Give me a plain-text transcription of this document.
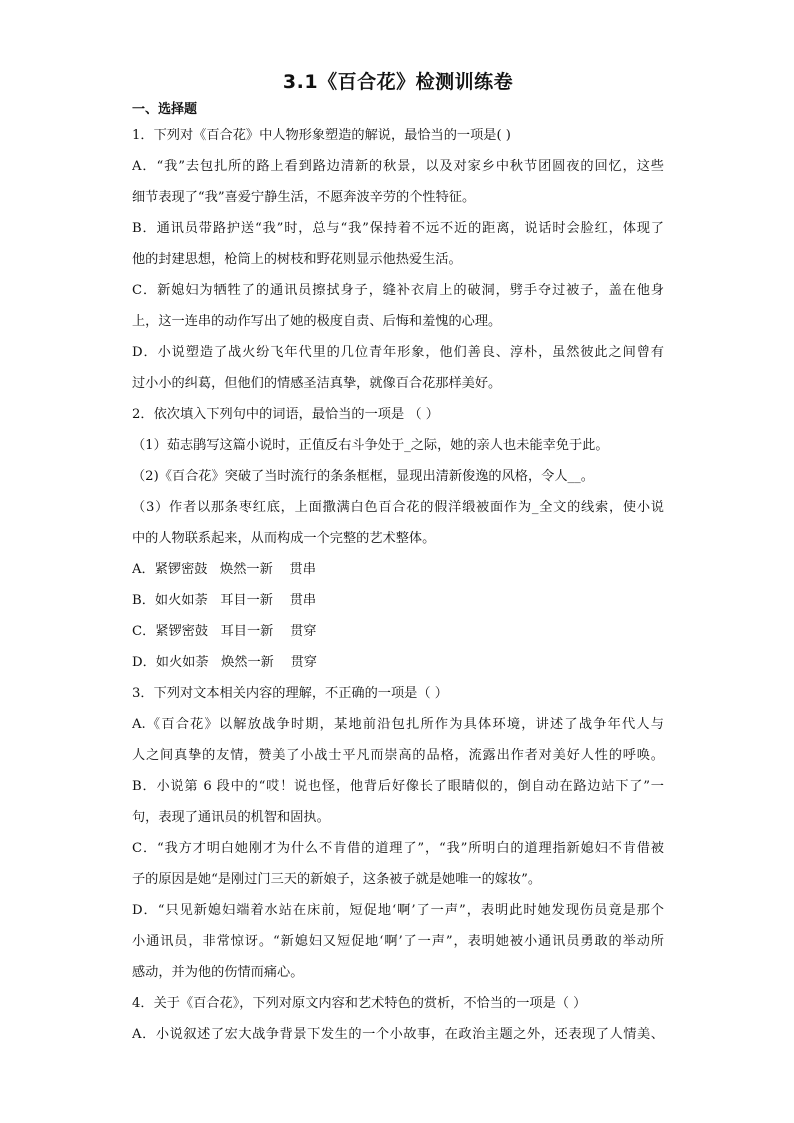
3.1《百合花》检测训练卷
一、选择题
1．下列对《百合花》中人物形象塑造的解说，最恰当的一项是( )
A．“我”去包扎所的路上看到路边清新的秋景，以及对家乡中秋节团圆夜的回忆，这些
细节表现了“我”喜爱宁静生活，不愿奔波辛劳的个性特征。
B．通讯员带路护送“我”时，总与“我”保持着不远不近的距离，说话时会脸红，体现了
他的封建思想，枪筒上的树枝和野花则显示他热爱生活。
C．新媳妇为牺牲了的通讯员擦拭身子，缝补衣肩上的破洞，劈手夺过被子，盖在他身
上，这一连串的动作写出了她的极度自责、后悔和羞愧的心理。
D．小说塑造了战火纷飞年代里的几位青年形象，他们善良、淳朴，虽然彼此之间曾有
过小小的纠葛，但他们的情感圣洁真挚，就像百合花那样美好。
2．依次填入下列句中的词语，最恰当的一项是 （ ）
（1）茹志鹃写这篇小说时，正值反右斗争处于_之际，她的亲人也未能幸免于此。
（2)《百合花》突破了当时流行的条条框框，显现出清新俊逸的风格，令人__。
（3）作者以那条枣红底，上面撒满白色百合花的假洋缎被面作为_全文的线索，使小说
中的人物联系起来，从而构成一个完整的艺术整体。
A．紧锣密鼓   焕然一新    贯串
B．如火如荼   耳目一新    贯串
C．紧锣密鼓   耳目一新    贯穿
D．如火如荼   焕然一新    贯穿
3．下列对文本相关内容的理解，不正确的一项是（ ）
A.《百合花》以解放战争时期，某地前沿包扎所作为具体环境，讲述了战争年代人与
人之间真挚的友情，赞美了小战士平凡而崇高的品格，流露出作者对美好人性的呼唤。
B．小说第 6 段中的“哎！说也怪，他背后好像长了眼睛似的，倒自动在路边站下了”一
句，表现了通讯员的机智和固执。
C．“我方才明白她刚才为什么不肯借的道理了”，“我”所明白的道理指新媳妇不肯借被
子的原因是她“是刚过门三天的新娘子，这条被子就是她唯一的嫁妆”。
D．“只见新媳妇端着水站在床前，短促地‘啊’了一声”，表明此时她发现伤员竟是那个
小通讯员，非常惊讶。“新媳妇又短促地‘啊’了一声”，表明她被小通讯员勇敢的举动所
感动，并为他的伤情而痛心。
4．关于《百合花》，下列对原文内容和艺术特色的赏析，不恰当的一项是（ ）
A．小说叙述了宏大战争背景下发生的一个小故事，在政治主题之外，还表现了人情美、
